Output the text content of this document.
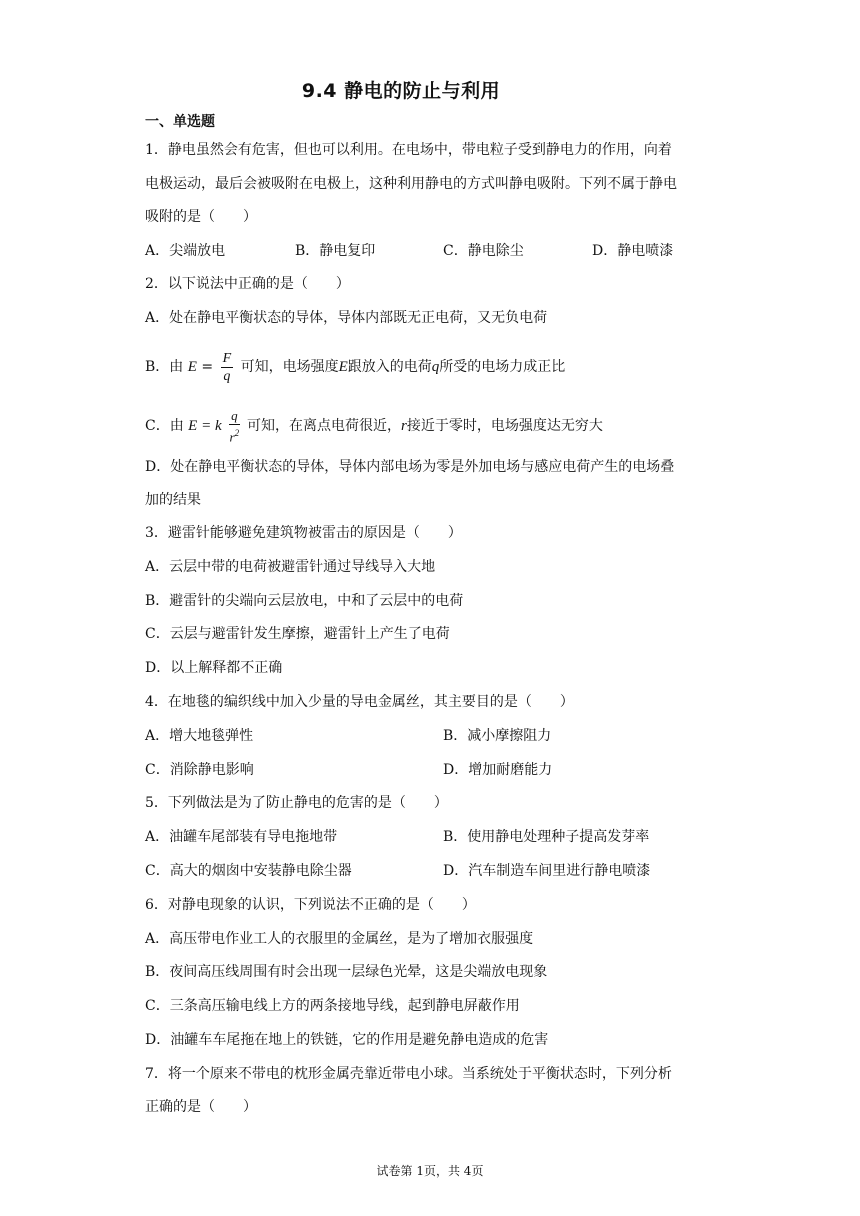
9.4 静电的防止与利用
一、单选题
1．静电虽然会有危害，但也可以利用。在电场中，带电粒子受到静电力的作用，向着
电极运动，最后会被吸附在电极上，这种利用静电的方式叫静电吸附。下列不属于静电
吸附的是（　　）
A．尖端放电	B．静电复印	C．静电除尘	D．静电喷漆
2．以下说法中正确的是（　　）
A．处在静电平衡状态的导体，导体内部既无正电荷，又无负电荷
B．由 $E = \frac{F}{q}$ 可知，电场强度E跟放入的电荷q所受的电场力成正比
C．由 E = k $\frac{q}{r^2}$ 可知，在离点电荷很近，r接近于零时，电场强度达无穷大
D．处在静电平衡状态的导体，导体内部电场为零是外加电场与感应电荷产生的电场叠
加的结果
3．避雷针能够避免建筑物被雷击的原因是（　　）
A．云层中带的电荷被避雷针通过导线导入大地
B．避雷针的尖端向云层放电，中和了云层中的电荷
C．云层与避雷针发生摩擦，避雷针上产生了电荷
D．以上解释都不正确
4．在地毯的编织线中加入少量的导电金属丝，其主要目的是（　　）
A．增大地毯弹性	B．减小摩擦阻力
C．消除静电影响	D．增加耐磨能力
5．下列做法是为了防止静电的危害的是（　　）
A．油罐车尾部装有导电拖地带	B．使用静电处理种子提高发芽率
C．高大的烟囱中安装静电除尘器	D．汽车制造车间里进行静电喷漆
6．对静电现象的认识，下列说法不正确的是（　　）
A．高压带电作业工人的衣服里的金属丝，是为了增加衣服强度
B．夜间高压线周围有时会出现一层绿色光晕，这是尖端放电现象
C．三条高压输电线上方的两条接地导线，起到静电屏蔽作用
D．油罐车车尾拖在地上的铁链，它的作用是避免静电造成的危害
7．将一个原来不带电的枕形金属壳靠近带电小球。当系统处于平衡状态时，下列分析
正确的是（　　）
试卷第 1页，共 4页
